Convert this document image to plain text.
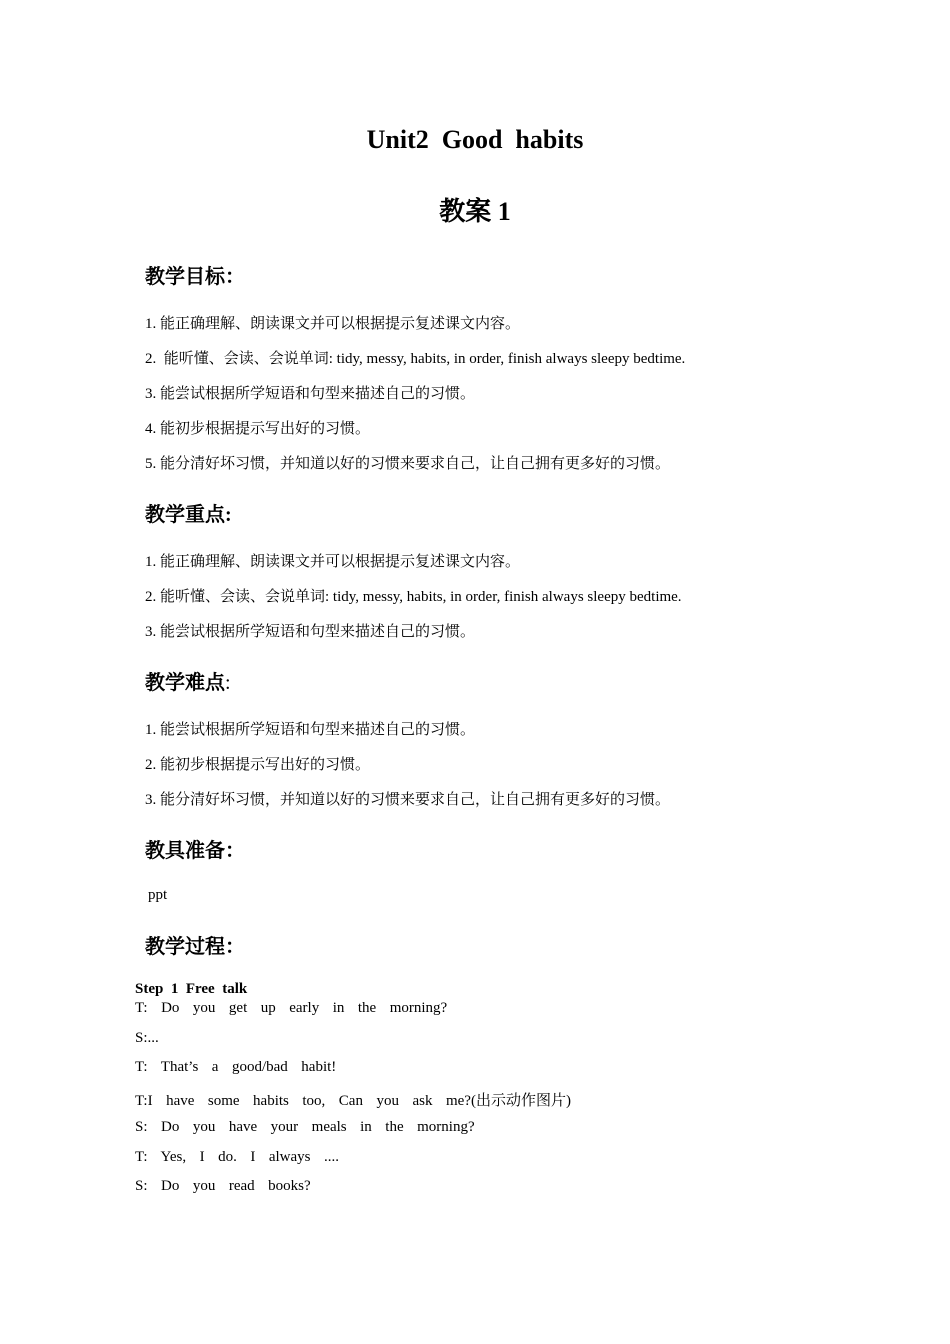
Unit2  Good  habits
教案 1
教学目标：
1. 能正确理解、朗读课文并可以根据提示复述课文内容。
2.  能听懂、会读、会说单词: tidy, messy, habits, in order, finish always sleepy bedtime.
3. 能尝试根据所学短语和句型来描述自己的习惯。
4. 能初步根据提示写出好的习惯。
5. 能分清好坏习惯，并知道以好的习惯来要求自己，让自己拥有更多好的习惯。
教学重点:
1. 能正确理解、朗读课文并可以根据提示复述课文内容。
2. 能听懂、会读、会说单词: tidy, messy, habits, in order, finish always sleepy bedtime.
3. 能尝试根据所学短语和句型来描述自己的习惯。
教学难点:
1. 能尝试根据所学短语和句型来描述自己的习惯。
2. 能初步根据提示写出好的习惯。
3. 能分清好坏习惯，并知道以好的习惯来要求自己，让自己拥有更多好的习惯。
教具准备：
ppt
教学过程：
Step  1  Free  talk
T:  Do  you  get  up  early  in  the  morning?
S:...
T:  That’s  a  good/bad  habit!
T:I  have  some  habits  too,  Can  you  ask  me?(出示动作图片)
S:  Do  you  have  your  meals  in  the  morning?
T:  Yes,  I  do.  I  always  ....
S:  Do  you  read  books?
